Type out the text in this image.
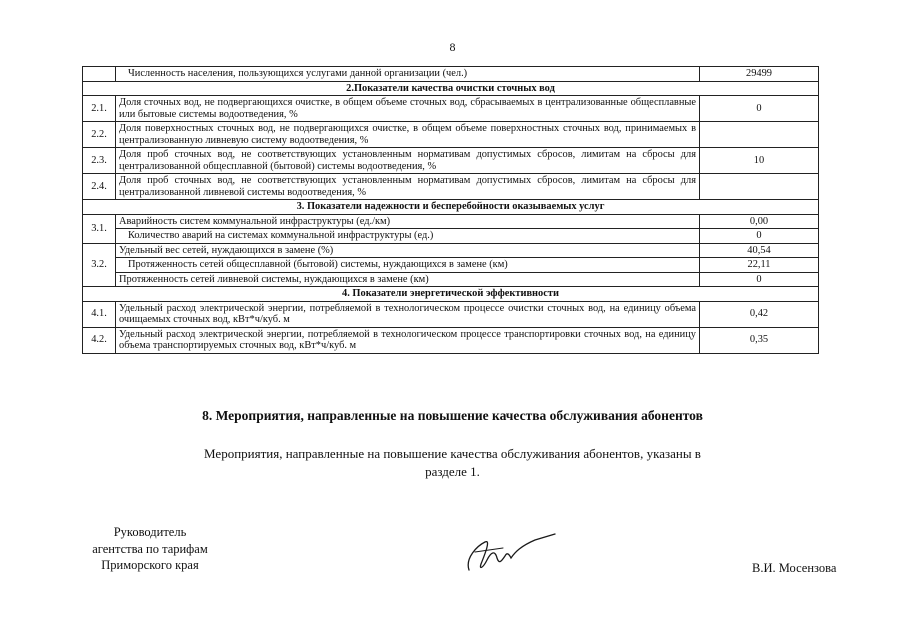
8
	Численность населения, пользующихся услугами данной организации (чел.)	29499
2.Показатели качества очистки сточных вод		
2.1.	Доля сточных вод, не подвергающихся очистке, в общем объеме сточных вод, сбрасываемых в централизованные общесплавные или бытовые системы водоотведения, %	0
2.2.	Доля поверхностных сточных вод, не подвергающихся очистке, в общем объеме поверхностных сточных вод, принимаемых в централизованную ливневую систему водоотведения, %	
2.3.	Доля проб сточных вод, не соответствующих установленным нормативам допустимых сбросов, лимитам на сбросы для централизованной общесплавной (бытовой) системы водоотведения, %	10
2.4.	Доля проб сточных вод, не соответствующих установленным нормативам допустимых сбросов, лимитам на сбросы для централизованной ливневой системы водоотведения, %	
3. Показатели надежности и бесперебойности оказываемых услуг		
3.1.	Аварийность систем коммунальной инфраструктуры (ед./км)	0,00
	Количество аварий на системах коммунальной инфраструктуры (ед.)	0
3.2.	Удельный вес сетей, нуждающихся в замене (%)	40,54
	Протяженность сетей общесплавной (бытовой) системы, нуждающихся в замене (км)	22,11
	Протяженность сетей ливневой системы, нуждающихся в замене (км)	0
4. Показатели энергетической эффективности		
4.1.	Удельный расход электрической энергии, потребляемой в технологическом процессе очистки сточных вод, на единицу объема очищаемых сточных вод, кВт*ч/куб. м	0,42
4.2.	Удельный расход электрической энергии, потребляемой в технологическом процессе транспортировки сточных вод, на единицу объема транспортируемых сточных вод, кВт*ч/куб. м	0,35
8. Мероприятия, направленные на повышение качества обслуживания абонентов
Мероприятия, направленные на повышение качества обслуживания абонентов, указаны в разделе 1.
Руководитель
агентства по тарифам
Приморского края	В.И. Мосензова
